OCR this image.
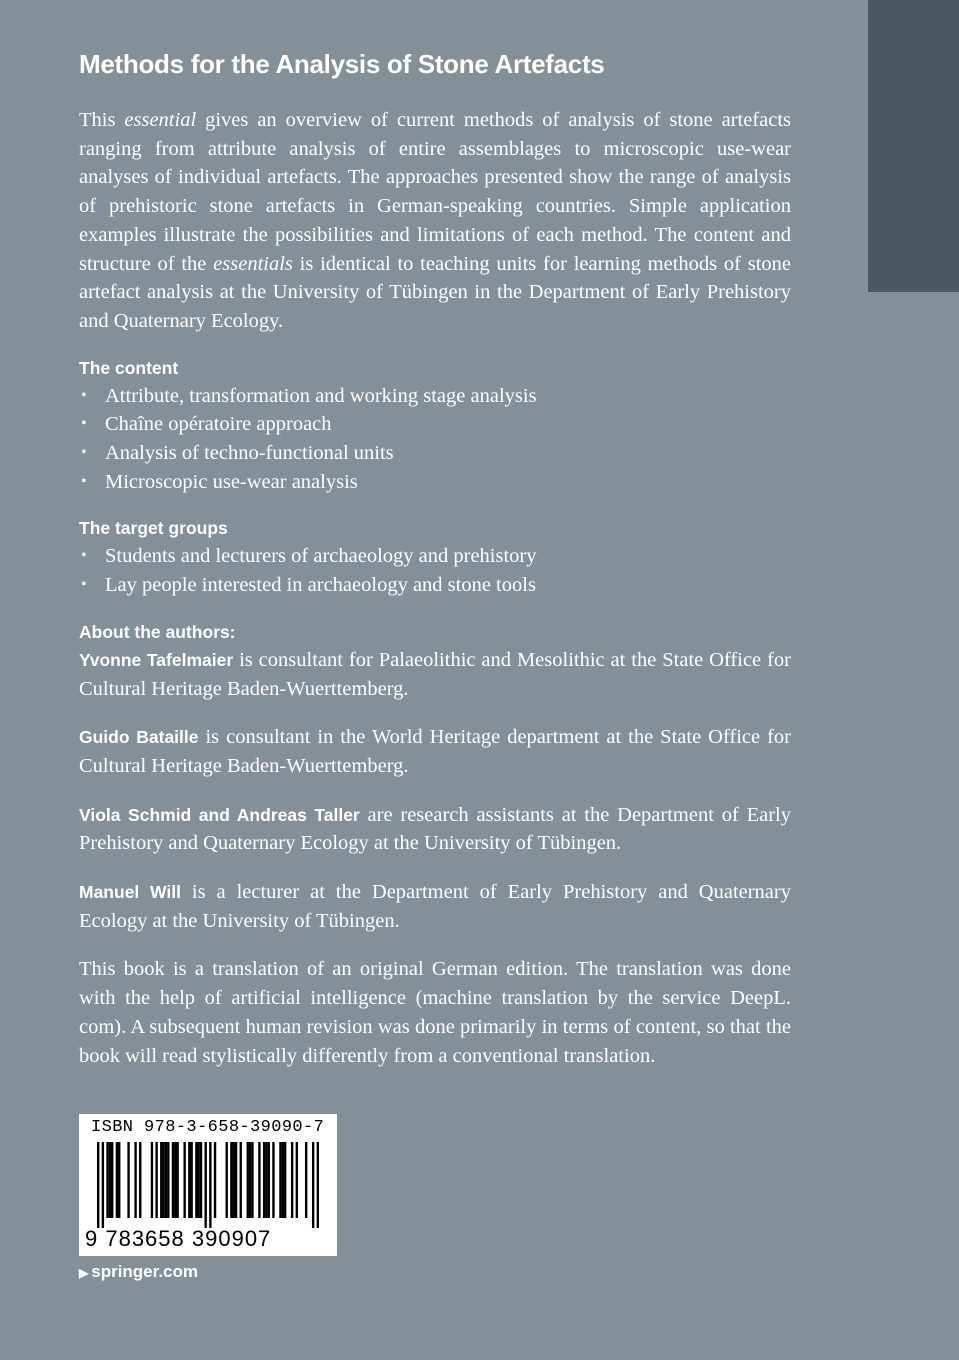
Methods for the Analysis of Stone Artefacts

This essential gives an overview of current methods of analysis of stone artefacts ranging from attribute analysis of entire assemblages to microscopic use-wear analyses of individual artefacts. The approaches presented show the range of analysis of prehistoric stone artefacts in German-speaking countries. Simple application examples illustrate the possibilities and limitations of each method. The content and structure of the essentials is identical to teaching units for learning methods of stone artefact analysis at the University of Tübingen in the Department of Early Prehistory and Quaternary Ecology.

The content

• Attribute, transformation and working stage analysis
• Chaîne opératoire approach
• Analysis of techno-functional units
• Microscopic use-wear analysis

The target groups

• Students and lecturers of archaeology and prehistory
• Lay people interested in archaeology and stone tools

About the authors:

Yvonne Tafelmaier is consultant for Palaeolithic and Mesolithic at the State Office for Cultural Heritage Baden-Wuerttemberg.

Guido Bataille is consultant in the World Heritage department at the State Office for Cultural Heritage Baden-Wuerttemberg.

Viola Schmid and Andreas Taller are research assistants at the Department of Early Prehistory and Quaternary Ecology at the University of Tübingen.

Manuel Will is a lecturer at the Department of Early Prehistory and Quaternary Ecology at the University of Tübingen.

This book is a translation of an original German edition. The translation was done with the help of artificial intelligence (machine translation by the service DeepL. com). A subsequent human revision was done primarily in terms of content, so that the book will read stylistically differently from a conventional translation.

ISBN 978-3-658-39090-7
9 783658 390907
▶ springer.com
